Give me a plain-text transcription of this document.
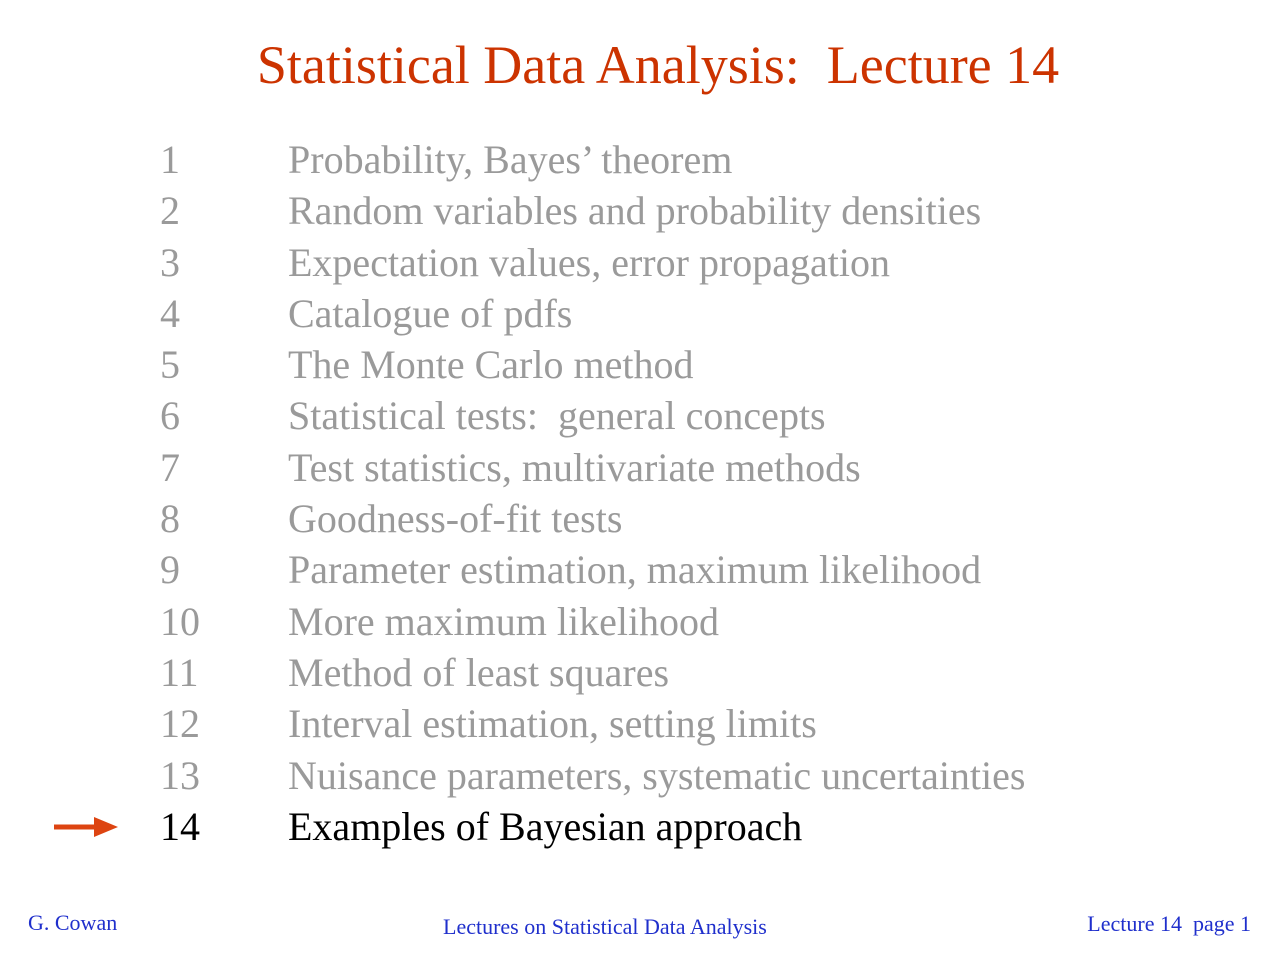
Statistical Data Analysis:  Lecture 14
1	Probability, Bayes’ theorem
2	Random variables and probability densities
3	Expectation values, error propagation
4	Catalogue of pdfs
5	The Monte Carlo method
6	Statistical tests:  general concepts
7	Test statistics, multivariate methods
8	Goodness-of-fit tests
9	Parameter estimation, maximum likelihood
10 More maximum likelihood
11 Method of least squares
12 Interval estimation, setting limits
13 Nuisance parameters, systematic uncertainties
14 Examples of Bayesian approach
G. Cowan	Lectures on Statistical Data Analysis	Lecture 14 page 1
